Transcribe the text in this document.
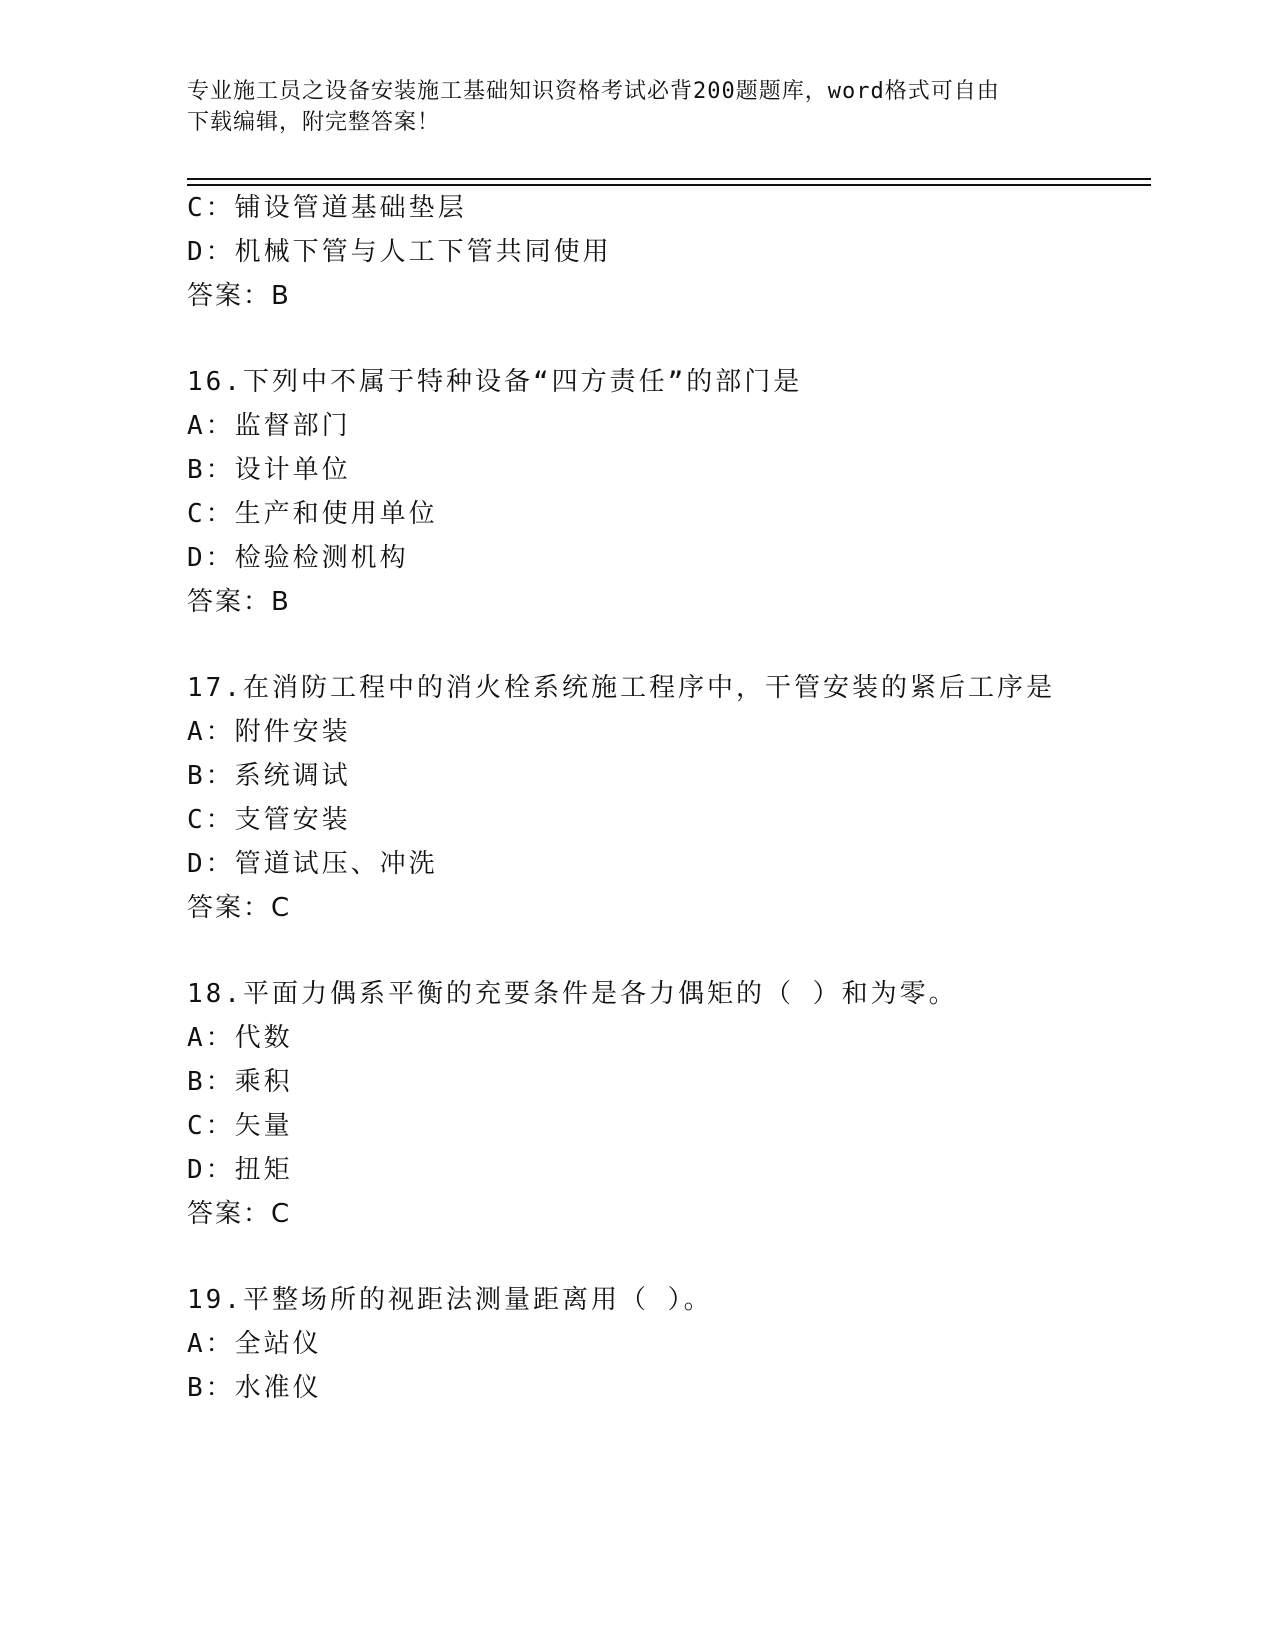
专业施工员之设备安装施工基础知识资格考试必背200题题库，word格式可自由
下载编辑，附完整答案！
C：铺设管道基础垫层
D：机械下管与人工下管共同使用
答案：B
16.下列中不属于特种设备“四方责任”的部门是
A：监督部门
B：设计单位
C：生产和使用单位
D：检验检测机构
答案：B
17.在消防工程中的消火栓系统施工程序中，干管安装的紧后工序是
A：附件安装
B：系统调试
C：支管安装
D：管道试压、冲洗
答案：C
18.平面力偶系平衡的充要条件是各力偶矩的（ ）和为零。
A：代数
B：乘积
C：矢量
D：扭矩
答案：C
19.平整场所的视距法测量距离用（ ）。
A：全站仪
B：水准仪
